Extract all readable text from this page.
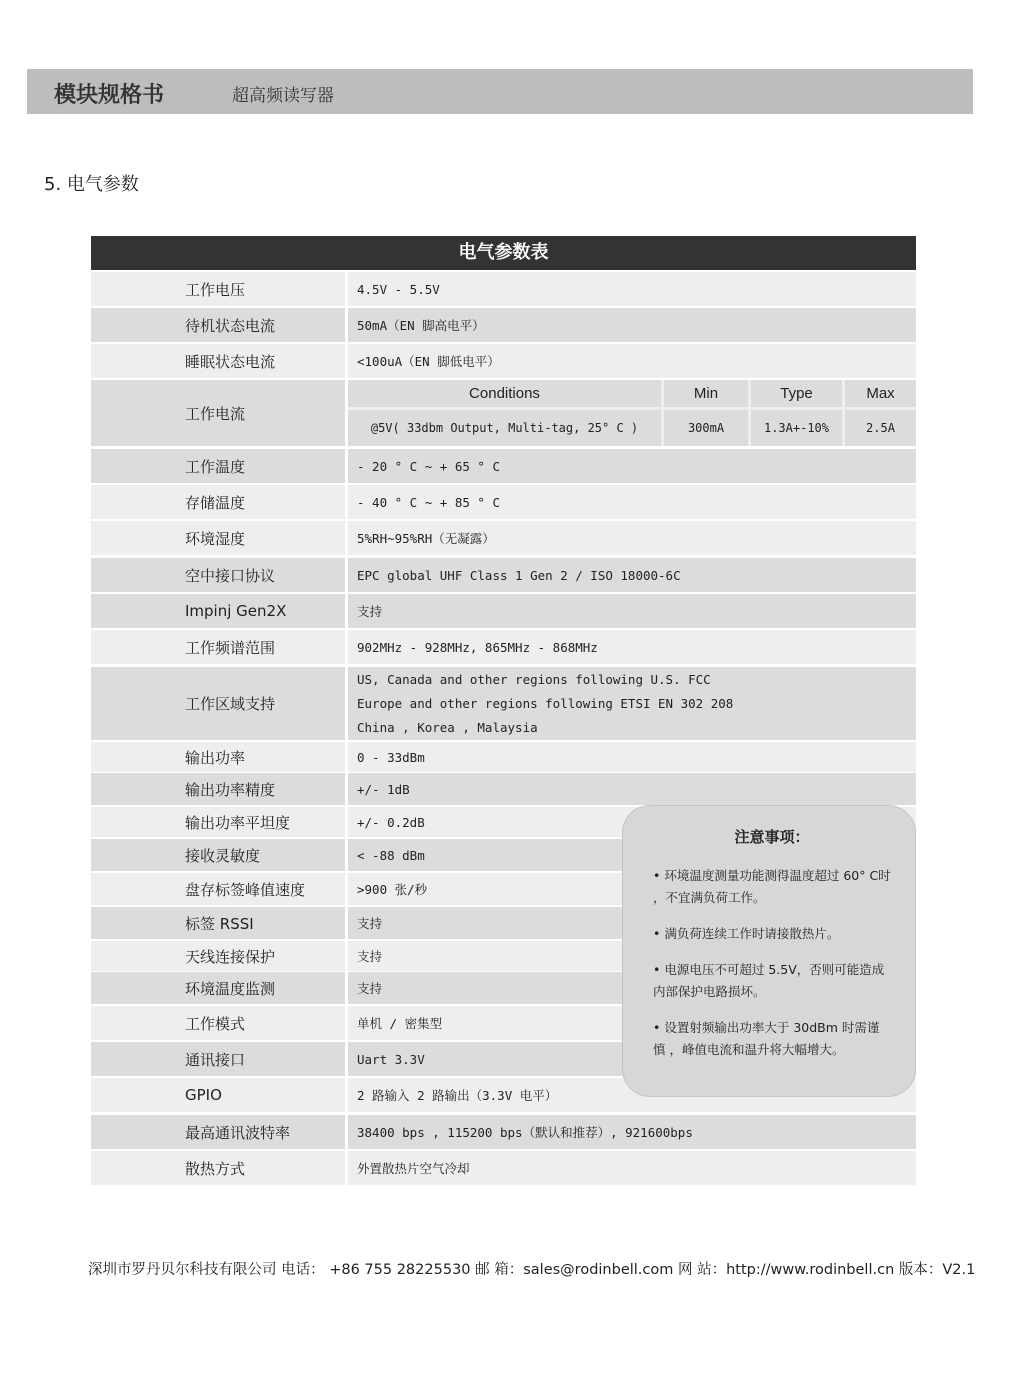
模块规格书	超高频读写器
5. 电气参数
电气参数表
工作电压	4.5V - 5.5V
待机状态电流	50mA（EN 脚高电平）
睡眠状态电流	<100uA（EN 脚低电平）
工作电流
Conditions	Min	Type	Max
@5V( 33dbm Output, Multi-tag, 25° C )	300mA	1.3A+-10%	2.5A
工作温度	- 20 ° C ~ + 65 ° C
存储温度	- 40 ° C ~ + 85 ° C
环境湿度	5%RH~95%RH（无凝露）
空中接口协议	EPC global UHF Class 1 Gen 2 / ISO 18000-6C
Impinj Gen2X	支持
工作频谱范围	902MHz - 928MHz, 865MHz - 868MHz
工作区域支持
US, Canada and other regions following U.S. FCC
Europe and other regions following ETSI EN 302 208
China , Korea , Malaysia
输出功率	0 - 33dBm
输出功率精度	+/- 1dB
输出功率平坦度	+/- 0.2dB
接收灵敏度	< -88 dBm
盘存标签峰值速度	>900 张/秒
标签 RSSI	支持
天线连接保护	支持
环境温度监测	支持
工作模式	单机 / 密集型
通讯接口	Uart 3.3V
GPIO	2 路输入 2 路输出（3.3V 电平）
最高通讯波特率	38400 bps , 115200 bps（默认和推荐）, 921600bps
散热方式	外置散热片空气冷却
注意事项：
• 环境温度测量功能测得温度超过 60° C时 ，不宜满负荷工作。
• 满负荷连续工作时请接散热片。
• 电源电压不可超过 5.5V，否则可能造成内部保护电路损坏。
• 设置射频输出功率大于 30dBm 时需谨慎 ，峰值电流和温升将大幅增大。
深圳市罗丹贝尔科技有限公司 电话： +86 755 28225530 邮 箱：sales@rodinbell.com 网 站：http://www.rodinbell.cn 版本：V2.1
